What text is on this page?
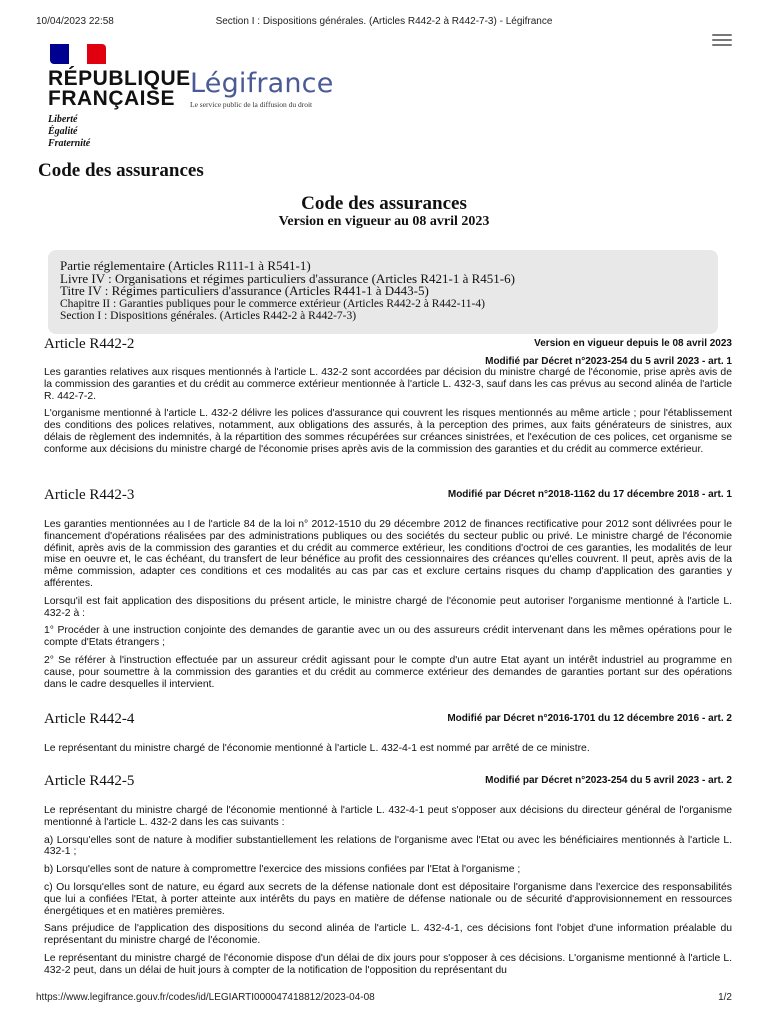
10/04/2023 22:58	Section I : Dispositions générales. (Articles R442-2 à R442-7-3) - Légifrance
RÉPUBLIQUE
FRANÇAISE
Liberté
Égalité
Fraternité
Légifrance
Le service public de la diffusion du droit
Code des assurances
Code des assurances
Version en vigueur au 08 avril 2023
Partie réglementaire (Articles R111-1 à R541-1)
Livre IV : Organisations et régimes particuliers d'assurance (Articles R421-1 à R451-6)
Titre IV : Régimes particuliers d'assurance (Articles R441-1 à D443-5)
Chapitre II : Garanties publiques pour le commerce extérieur (Articles R442-2 à R442-11-4)
Section I : Dispositions générales. (Articles R442-2 à R442-7-3)
Article R442-2	Version en vigueur depuis le 08 avril 2023
Modifié par Décret n°2023-254 du 5 avril 2023 - art. 1

Les garanties relatives aux risques mentionnés à l'article L. 432-2 sont accordées par décision du ministre chargé de l'économie, prise après avis de la commission des garanties et du crédit au commerce extérieur mentionnée à l'article L. 432-3, sauf dans les cas prévus au second alinéa de l'article R. 442-7-2.

L'organisme mentionné à l'article L. 432-2 délivre les polices d'assurance qui couvrent les risques mentionnés au même article ; pour l'établissement des conditions des polices relatives, notamment, aux obligations des assurés, à la perception des primes, aux faits générateurs de sinistres, aux délais de règlement des indemnités, à la répartition des sommes récupérées sur créances sinistrées, et l'exécution de ces polices, cet organisme se conforme aux décisions du ministre chargé de l'économie prises après avis de la commission des garanties et du crédit au commerce extérieur.

Article R442-3	Modifié par Décret n°2018-1162 du 17 décembre 2018 - art. 1

Les garanties mentionnées au I de l'article 84 de la loi n° 2012-1510 du 29 décembre 2012 de finances rectificative pour 2012 sont délivrées pour le financement d'opérations réalisées par des administrations publiques ou des sociétés du secteur public ou privé. Le ministre chargé de l'économie définit, après avis de la commission des garanties et du crédit au commerce extérieur, les conditions d'octroi de ces garanties, les modalités de leur mise en oeuvre et, le cas échéant, du transfert de leur bénéfice au profit des cessionnaires des créances qu'elles couvrent. Il peut, après avis de la même commission, adapter ces conditions et ces modalités au cas par cas et exclure certains risques du champ d'application des garanties y afférentes.

Lorsqu'il est fait application des dispositions du présent article, le ministre chargé de l'économie peut autoriser l'organisme mentionné à l'article L. 432-2 à :

1° Procéder à une instruction conjointe des demandes de garantie avec un ou des assureurs crédit intervenant dans les mêmes opérations pour le compte d'Etats étrangers ;

2° Se référer à l'instruction effectuée par un assureur crédit agissant pour le compte d'un autre Etat ayant un intérêt industriel au programme en cause, pour soumettre à la commission des garanties et du crédit au commerce extérieur des demandes de garanties portant sur des opérations dans le cadre desquelles il intervient.

Article R442-4	Modifié par Décret n°2016-1701 du 12 décembre 2016 - art. 2

Le représentant du ministre chargé de l'économie mentionné à l'article L. 432-4-1 est nommé par arrêté de ce ministre.

Article R442-5	Modifié par Décret n°2023-254 du 5 avril 2023 - art. 2

Le représentant du ministre chargé de l'économie mentionné à l'article L. 432-4-1 peut s'opposer aux décisions du directeur général de l'organisme mentionné à l'article L. 432-2 dans les cas suivants :

a) Lorsqu'elles sont de nature à modifier substantiellement les relations de l'organisme avec l'Etat ou avec les bénéficiaires mentionnés à l'article L. 432-1 ;

b) Lorsqu'elles sont de nature à compromettre l'exercice des missions confiées par l'Etat à l'organisme ;

c) Ou lorsqu'elles sont de nature, eu égard aux secrets de la défense nationale dont est dépositaire l'organisme dans l'exercice des responsabilités que lui a confiées l'Etat, à porter atteinte aux intérêts du pays en matière de défense nationale ou de sécurité d'approvisionnement en ressources énergétiques et en matières premières.

Sans préjudice de l'application des dispositions du second alinéa de l'article L. 432-4-1, ces décisions font l'objet d'une information préalable du représentant du ministre chargé de l'économie.

Le représentant du ministre chargé de l'économie dispose d'un délai de dix jours pour s'opposer à ces décisions. L'organisme mentionné à l'article L. 432-2 peut, dans un délai de huit jours à compter de la notification de l'opposition du représentant du

https://www.legifrance.gouv.fr/codes/id/LEGIARTI000047418812/2023-04-08	1/2
